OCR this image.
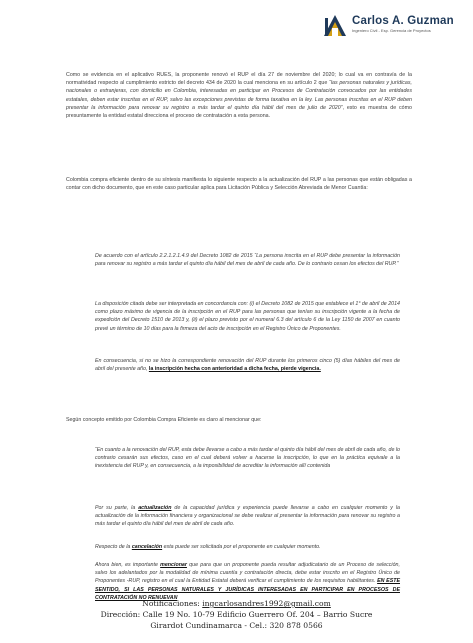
Carlos A. Guzman
Ingeniero Civil - Esp. Gerencia de Proyectos

Como se evidencia en el aplicativo RUES, la proponente renovó el RUP el día 27 de noviembre del 2020; lo cual va en contravía de la normatividad respecto al cumplimiento estricto del decreto 434 de 2020 la cual menciona en su artículo 2 que “las personas naturales y jurídicas, nacionales o extranjeras, con domicilio en Colombia, interesadas en participar en Procesos de Contratación convocados por las entidades estatales, deben estar inscritas en el RUP, salvo las excepciones previstas de forma taxativa en la ley. Las personas inscritas en el RUP deben presentar la información para renovar su registro a más tardar el quinto día hábil del mes de julio de 2020”, esto es muestra de cómo presuntamente la entidad estatal direcciona el proceso de contratación a esta persona.

Colombia compra eficiente dentro de su síntesis manifiesta lo siguiente respecto a la actualización del RUP a las personas que están obligadas a contar con dicho documento, que en este caso particular aplica para Licitación Pública y Selección Abreviada de Menor Cuantía:

De acuerdo con el artículo 2.2.1.2.1.4.9 del Decreto 1082 de 2015 “La persona inscrita en el RUP debe presentar la información para renovar su registro a más tardar el quinto día hábil del mes de abril de cada año. De lo contrario cesan los efectos del RUP.”

La disposición citada debe ser interpretada en concordancia con: (i) el Decreto 1082 de 2015 que establece el 1° de abril de 2014 como plazo máximo de vigencia de la inscripción en el RUP para las personas que tenían su inscripción vigente a la fecha de expedición del Decreto 1510 de 2013 y, (ii) el plazo previsto por el numeral 6.3 del artículo 6 de la Ley 1150 de 2007 en cuanto prevé un término de 10 días para la firmeza del acto de inscripción en el Registro Único de Proponentes.

En consecuencia, si no se hizo la correspondiente renovación del RUP durante los primeros cinco (5) días hábiles del mes de abril del presente año, la inscripción hecha con anterioridad a dicha fecha, pierde vigencia.

Según concepto emitido por Colombia Compra Eficiente es claro al mencionar que:

“En cuanto a la renovación del RUP, esta debe llevarse a cabo a más tardar el quinto día hábil del mes de abril de cada año, de lo contrario cesarán sus efectos, caso en el cual deberá volver a hacerse la inscripción, lo que en la práctica equivale a la inexistencia del RUP y, en consecuencia, a la imposibilidad de acreditar la información allí contenida

Por su parte, la actualización de la capacidad jurídica y experiencia puede llevarse a cabo en cualquier momento y la actualización de la información financiera y organizacional se debe realizar al presentar la información para renovar su registro a más tardar el quinto día hábil del mes de abril de cada año.

Respecto de la cancelación esta puede ser solicitada por el proponente en cualquier momento.

Ahora bien, es importante mencionar que para que un proponente pueda resultar adjudicatario de un Proceso de selección, salvo los adelantados por la modalidad de mínima cuantía y contratación directa, debe estar inscrito en el Registro Único de Proponentes -RUP, registro en el cual la Entidad Estatal deberá verificar el cumplimiento de los requisitos habilitantes. EN ESTE SENTIDO, SI LAS PERSONAS NATURALES Y JURÍDICAS INTERESADAS EN PARTICIPAR EN PROCESOS DE CONTRATACIÓN NO RENUEVAN

Notificaciones: ingcarlosandres1992@gmail.com
Dirección: Calle 19 No. 10-79 Edificio Guerrero Of. 204 – Barrio Sucre
Girardot Cundinamarca - Cel.: 320 878 0566
